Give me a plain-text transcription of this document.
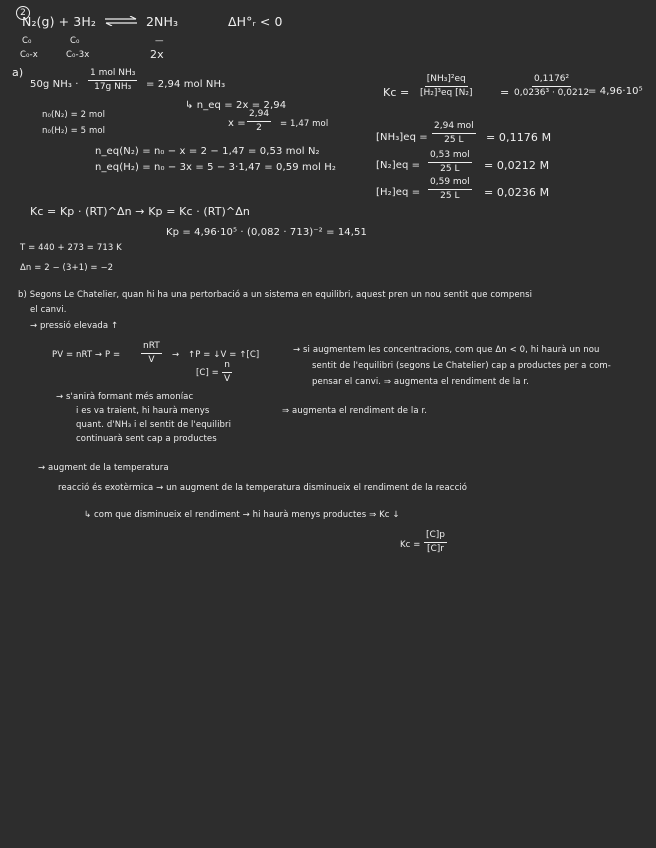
2
N₂(g) + 3H₂ ⇌ 2NH₃	ΔH°ᵣ < 0
C₀	C₀	—
C₀-x	C₀-3x	2x
a)
50g NH₃ ·
1 mol NH₃
17g NH₃ = 2,94 mol NH₃
↳ n_eq = 2x = 2,94
$x = \frac{2,94}{2} = 1,47$ mol
n₀(N₂) = 2 mol
n₀(H₂) = 5 mol
n_eq(N₂) = n₀ − x = 2 − 1,47 = 0,53 mol N₂
n_eq(H₂) = n₀ − 3x = 5 − 3·1,47 = 0,59 mol H₂
$Kc = \frac{\text{[NH₃]²eq}}{\text{[H₂]³eq [N₂]}} = \frac{\text{0,1176²}}{\text{0,0236³ · 0,0212}}$
= 4,96·10⁵
[NH₃]eq =
2,94 mol
25 L = 0,1176 M
[N₂]eq =
0,53 mol
25 L = 0,0212 M
[H₂]eq =
0,59 mol
25 L = 0,0236 M
Kc = Kp · (RT)^Δn → Kp = Kc · (RT)^Δn
Kp = 4,96·10⁵ · (0,082 · 713)⁻² = 14,51
T = 440 + 273 = 713 K
Δn = 2 − (3+1) = −2
b) Segons Le Chatelier, quan hi ha una pertorbació a un sistema en equilibri, aquest pren un nou sentit que compensi
el canvi.
→ pressió elevada ↑
PV = nRT → P =
nRT
V → ↑P = ↓V = ↑[C]
$[C] = \frac{n}{V}$
→ si augmentem les concentracions, com que Δn < 0, hi haurà un nou
sentit de l'equilibri (segons Le Chatelier) cap a productes per a com-
pensar el canvi. ⇒ augmenta el rendiment de la r.
→ s'anirà formant més amoníac
i es va traient, hi haurà menys
quant. d'NH₃ i el sentit de l'equilibri
continuarà sent cap a productes
⇒ augmenta el rendiment de la r.
→ augment de la temperatura
reacció és exotèrmica → un augment de la temperatura disminueix el rendiment de la reacció
↳ com que disminueix el rendiment → hi haurà menys productes ⇒ Kc ↓
$Kc = \frac{[C]p}{[C]r}$
